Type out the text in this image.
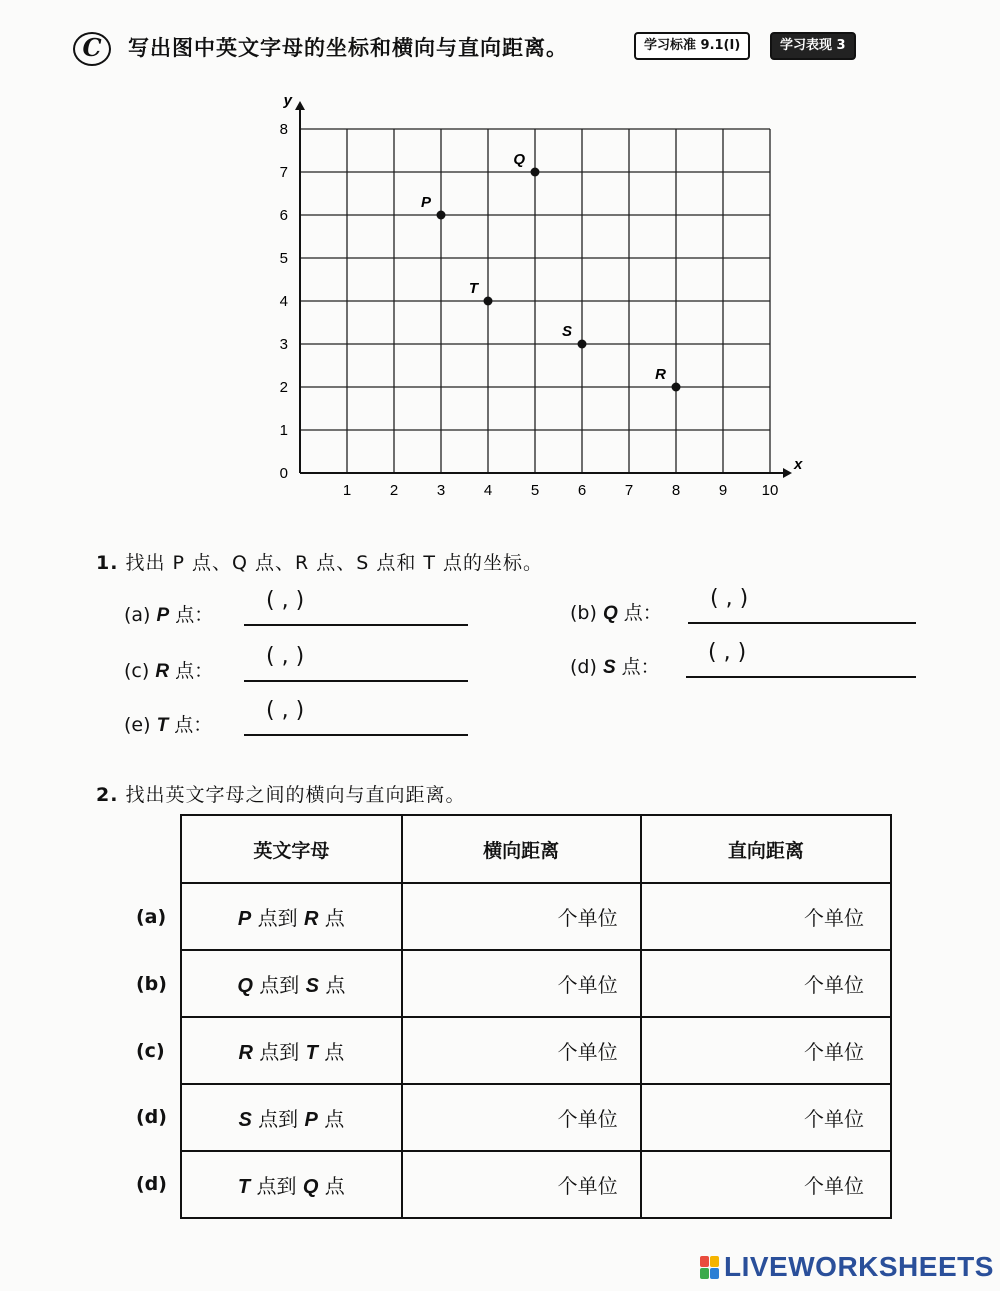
C	写出图中英文字母的坐标和横向与直向距离。	学习标准 9.1(I)	学习表现 3
x
y
1	2	3	4	5	6	7	8	9 10
0
1
2
3
4
5
6
7
8
P
Q
T
S
R
1. 找出 P 点、Q 点、R 点、S 点和 T 点的坐标。
(a) P 点：
( , )	(b) Q 点：
( , )
(c) R 点：
( , )	(d) S 点：
( , )
(e) T 点：
( , )
2. 找出英文字母之间的横向与直向距离。
英文字母	横向距离	直向距离
P 点到 R 点	个单位	个单位
Q 点到 S 点	个单位	个单位
R 点到 T 点	个单位	个单位
S 点到 P 点	个单位	个单位
T 点到 Q 点	个单位	个单位
(a)
(b)
(c)
(d)
(d)
LIVEWORKSHEETS
